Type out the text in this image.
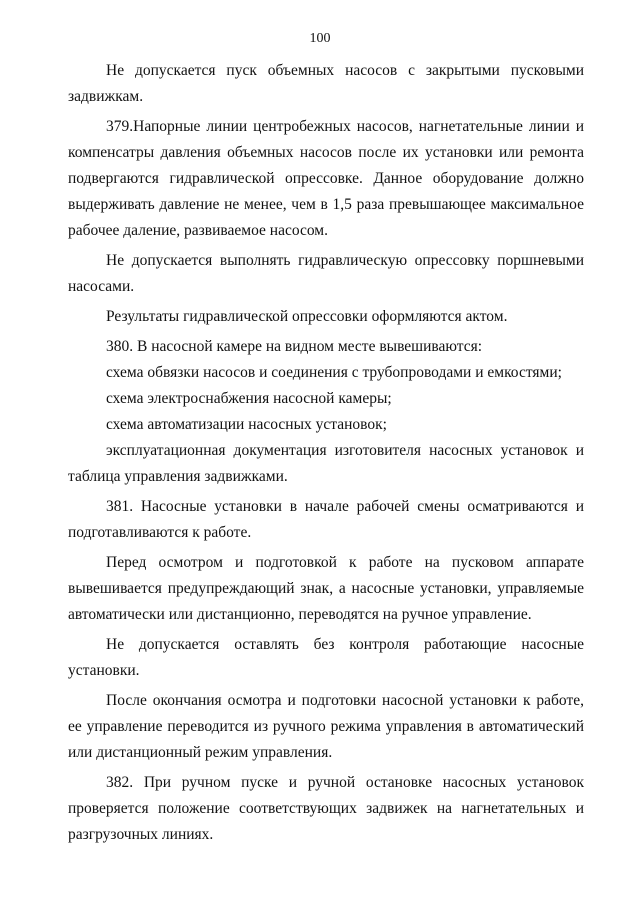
100

Не допускается пуск объемных насосов с закрытыми пусковыми задвижкам.

379.Напорные линии центробежных насосов, нагнетательные линии и компенсатры давления объемных насосов после их установки или ремонта подвергаются гидравлической опрессовке. Данное оборудование должно выдерживать давление не менее, чем в 1,5 раза превышающее максимальное рабочее даление, развиваемое насосом.

Не допускается выполнять гидравлическую опрессовку поршневыми насосами.

Результаты гидравлической опрессовки оформляются актом.

380. В насосной камере на видном месте вывешиваются:

схема обвязки насосов и соединения с трубопроводами и емкостями;

схема электроснабжения насосной камеры;

схема автоматизации насосных установок;

эксплуатационная документация изготовителя насосных установок и таблица управления задвижками.

381. Насосные установки в начале рабочей смены осматриваются и подготавливаются к работе.

Перед осмотром и подготовкой к работе на пусковом аппарате вывешивается предупреждающий знак, а насосные установки, управляемые автоматически или дистанционно, переводятся на ручное управление.

Не допускается оставлять без контроля работающие насосные установки.

После окончания осмотра и подготовки насосной установки к работе, ее управление переводится из ручного режима управления в автоматический или дистанционный режим управления.

382. При ручном пуске и ручной остановке насосных установок проверяется положение соответствующих задвижек на нагнетательных и разгрузочных линиях.
